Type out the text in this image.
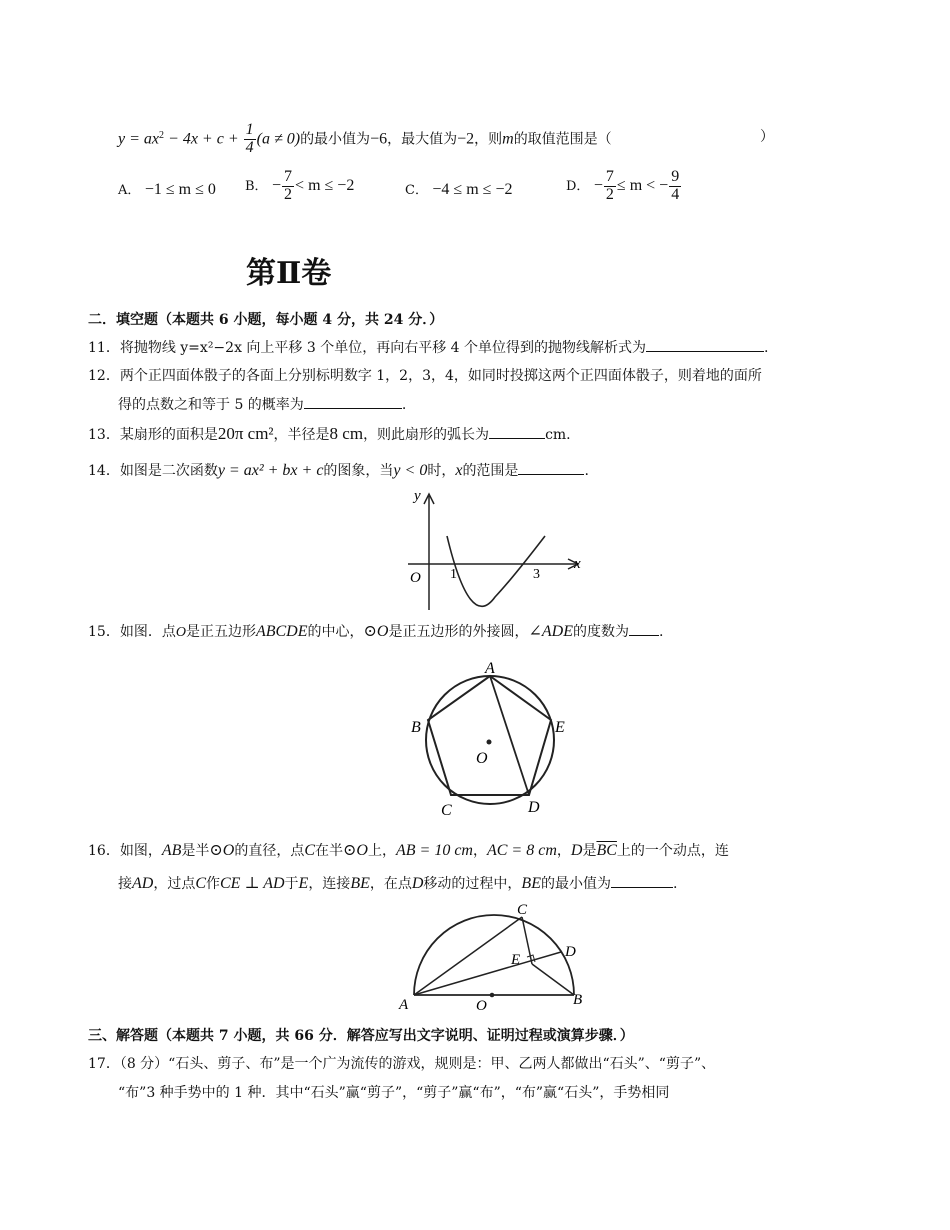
$y = ax^2 - 4x + c + \frac{1}{4} (a \ne 0)$的最小值为−6，最大值为−2，则m的取值范围是（	）
A． −1 ≤ m ≤ 0 B． − $\frac{7}{2} < m \le -2$	C． −4 ≤ m ≤ −2	D． − $\frac{7}{2} \le m$ < − $\frac{9}{4}$
第Ⅱ卷
二．填空题（本题共 6 小题，每小题 4 分，共 24 分．）
11．将抛物线 y=x²−2x 向上平移 3 个单位，再向右平移 4 个单位得到的抛物线解析式为	.
12．两个正四面体骰子的各面上分别标明数字 1，2，3，4，如同时投掷这两个正四面体骰子，则着地的面所
得的点数之和等于 5 的概率为	.
13．某扇形的面积是20π cm²，半径是8 cm，则此扇形的弧长为	cm.
14．如图是二次函数y = ax² + bx + c的图象，当y < 0时，x的范围是	.
y
x
O 1	3
15．如图．点O是正五边形ABCDE的中心，⊙O是正五边形的外接圆，∠ADE的度数为 .
A
B
C	D
E
O
16．如图，AB是半⊙O的直径，点C在半⊙O上，AB = 10 cm，AC = 8 cm，D是$\overline{BC}$上的一个动点，连
接AD，过点C作CE ⊥ AD于E，连接BE，在点D移动的过程中，BE的最小值为	.
A	B
C
D
E
O
三、解答题（本题共 7 小题，共 66 分．解答应写出文字说明、证明过程或演算步骤．）
17．（8 分）“石头、剪子、布”是一个广为流传的游戏，规则是：甲、乙两人都做出“石头”、“剪子”、
“布”3 种手势中的 1 种．其中“石头”赢“剪子”，“剪子”赢“布”，“布”赢“石头”，手势相同
